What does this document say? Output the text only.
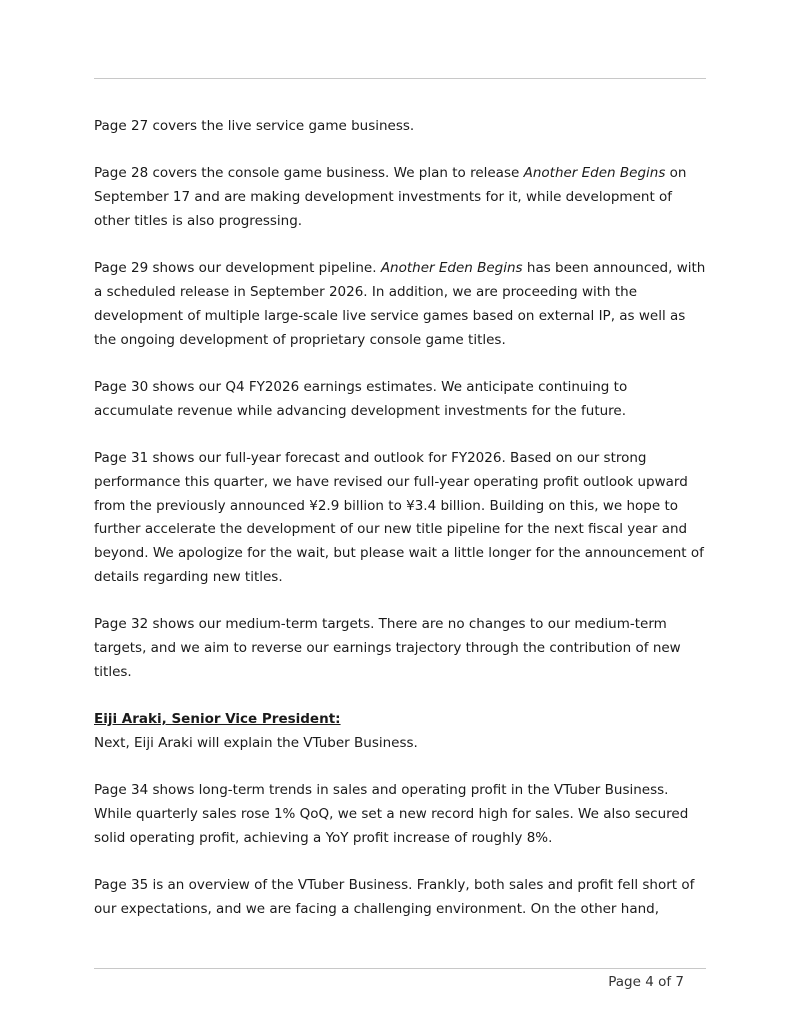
Page 27 covers the live service game business.

Page 28 covers the console game business. We plan to release Another Eden Begins on September 17 and are making development investments for it, while development of other titles is also progressing.

Page 29 shows our development pipeline. Another Eden Begins has been announced, with a scheduled release in September 2026. In addition, we are proceeding with the development of multiple large-scale live service games based on external IP, as well as the ongoing development of proprietary console game titles.

Page 30 shows our Q4 FY2026 earnings estimates. We anticipate continuing to accumulate revenue while advancing development investments for the future.

Page 31 shows our full-year forecast and outlook for FY2026. Based on our strong performance this quarter, we have revised our full-year operating profit outlook upward from the previously announced ¥2.9 billion to ¥3.4 billion. Building on this, we hope to further accelerate the development of our new title pipeline for the next fiscal year and beyond. We apologize for the wait, but please wait a little longer for the announcement of details regarding new titles.

Page 32 shows our medium-term targets. There are no changes to our medium-term targets, and we aim to reverse our earnings trajectory through the contribution of new titles.

Eiji Araki, Senior Vice President:
Next, Eiji Araki will explain the VTuber Business.

Page 34 shows long-term trends in sales and operating profit in the VTuber Business. While quarterly sales rose 1% QoQ, we set a new record high for sales. We also secured solid operating profit, achieving a YoY profit increase of roughly 8%.

Page 35 is an overview of the VTuber Business. Frankly, both sales and profit fell short of our expectations, and we are facing a challenging environment. On the other hand,

Page 4 of 7
